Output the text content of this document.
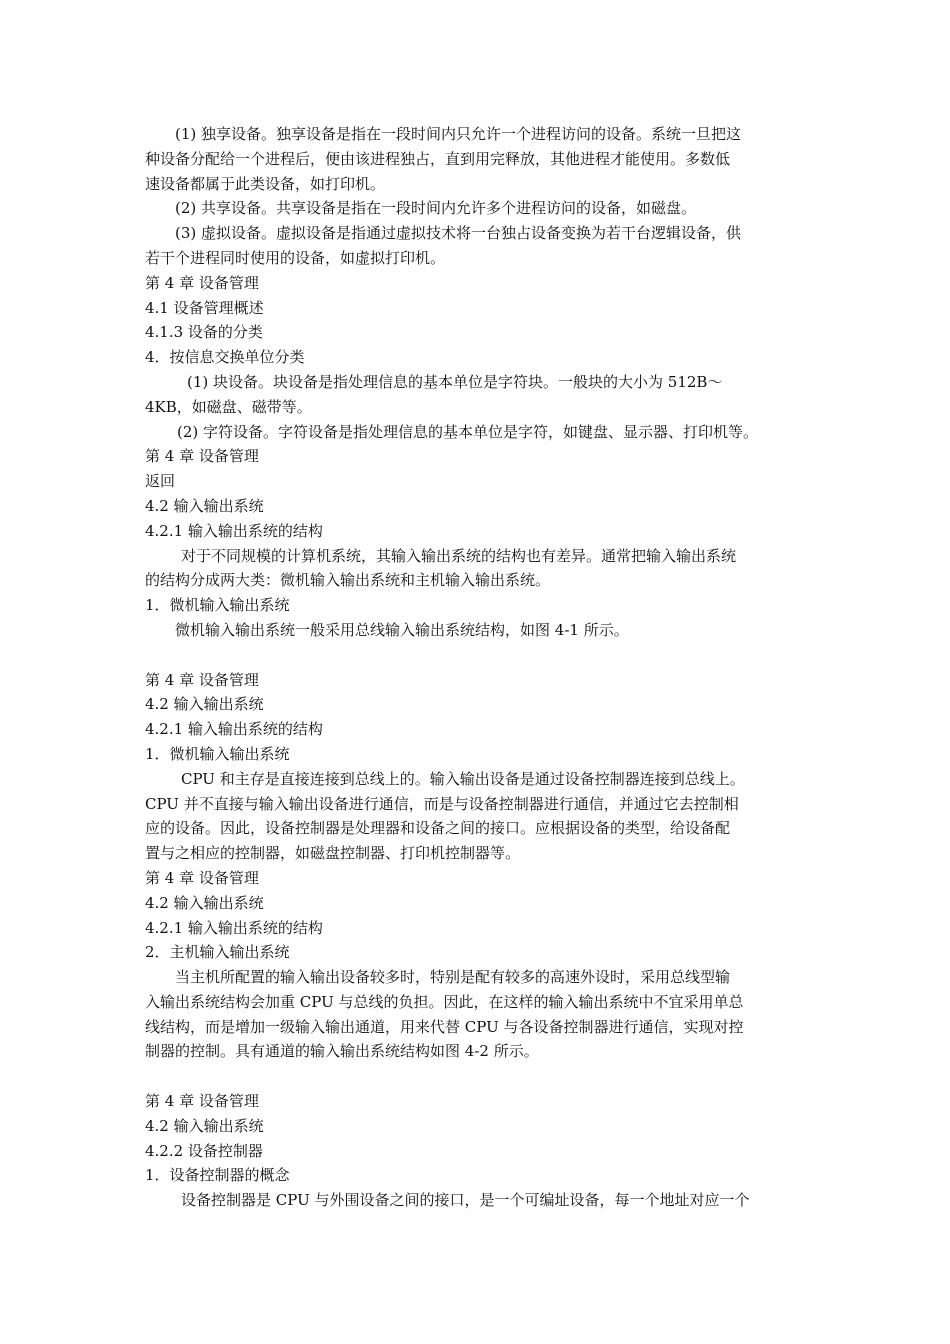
(1) 独享设备。独享设备是指在一段时间内只允许一个进程访问的设备。系统一旦把这
种设备分配给一个进程后，便由该进程独占，直到用完释放，其他进程才能使用。多数低
速设备都属于此类设备，如打印机。
(2) 共享设备。共享设备是指在一段时间内允许多个进程访问的设备，如磁盘。
(3) 虚拟设备。虚拟设备是指通过虚拟技术将一台独占设备变换为若干台逻辑设备，供
若干个进程同时使用的设备，如虚拟打印机。
第 4 章 设备管理
4.1 设备管理概述
4.1.3 设备的分类
4．按信息交换单位分类
(1) 块设备。块设备是指处理信息的基本单位是字符块。一般块的大小为 512B～
4KB，如磁盘、磁带等。
(2) 字符设备。字符设备是指处理信息的基本单位是字符，如键盘、显示器、打印机等。
第 4 章 设备管理
返回
4.2 输入输出系统
4.2.1 输入输出系统的结构
对于不同规模的计算机系统，其输入输出系统的结构也有差异。通常把输入输出系统
的结构分成两大类：微机输入输出系统和主机输入输出系统。
1．微机输入输出系统
微机输入输出系统一般采用总线输入输出系统结构，如图 4-1 所示。
第 4 章 设备管理
4.2 输入输出系统
4.2.1 输入输出系统的结构
1．微机输入输出系统
CPU 和主存是直接连接到总线上的。输入输出设备是通过设备控制器连接到总线上。
CPU 并不直接与输入输出设备进行通信，而是与设备控制器进行通信，并通过它去控制相
应的设备。因此，设备控制器是处理器和设备之间的接口。应根据设备的类型，给设备配
置与之相应的控制器，如磁盘控制器、打印机控制器等。
第 4 章 设备管理
4.2 输入输出系统
4.2.1 输入输出系统的结构
2．主机输入输出系统
当主机所配置的输入输出设备较多时，特别是配有较多的高速外设时，采用总线型输
入输出系统结构会加重 CPU 与总线的负担。因此，在这样的输入输出系统中不宜采用单总
线结构，而是增加一级输入输出通道，用来代替 CPU 与各设备控制器进行通信，实现对控
制器的控制。具有通道的输入输出系统结构如图 4-2 所示。
第 4 章 设备管理
4.2 输入输出系统
4.2.2 设备控制器
1．设备控制器的概念
设备控制器是 CPU 与外围设备之间的接口，是一个可编址设备，每一个地址对应一个
